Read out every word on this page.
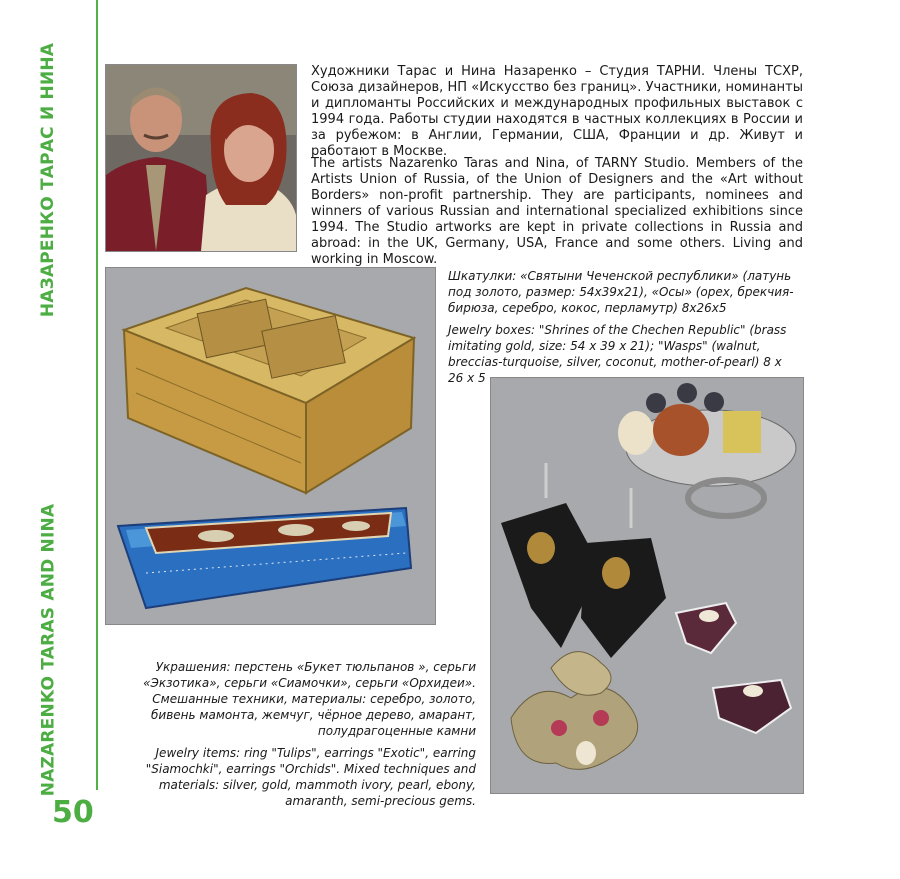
НАЗАРЕНКО ТАРАС И НИНА
NAZARENKO TARAS AND NINA
50
Художники Тарас и Нина Назаренко – Студия ТАРНИ. Члены ТСХР, Союза дизайнеров, НП «Искусство без границ». Участники, номинанты и дипломанты Российских и международных профильных выставок с 1994 года. Работы студии находятся в частных коллекциях в России и за рубежом: в Англии, Германии, США, Франции и др. Живут и работают в Москве.
The artists Nazarenko Taras and Nina, of TARNY Studio. Members of the Artists Union of Russia, of the Union of Designers and the «Art without Borders» non-profit partnership. They are participants, nominees and winners of various Russian and international specialized exhibitions since 1994. The Studio artworks are kept in private collections in Russia and abroad: in the UK, Germany, USA, France and some others. Living and working in Moscow.

Шкатулки: «Святыни Чеченской республики» (латунь под золото, размер: 54х39х21), «Осы» (орех, брекчия-бирюза, серебро, кокос, перламутр) 8х26х5

Jewelry boxes: "Shrines of the Chechen Republic" (brass imitating gold, size: 54 x 39 x 21); "Wasps" (walnut, breccias-turquoise, silver, coconut, mother-of-pearl) 8 x 26 x 5

Украшения: перстень «Букет тюльпанов », серьги «Экзотика», серьги «Сиамочки», серьги «Орхидеи». Смешанные техники, материалы: серебро, золото, бивень мамонта, жемчуг, чёрное дерево, амарант, полудрагоценные камни

Jewelry items: ring "Tulips", earrings "Exotic", earring "Siamochki", earrings "Orchids". Mixed techniques and materials: silver, gold, mammoth ivory, pearl, ebony, amaranth, semi-precious gems.
